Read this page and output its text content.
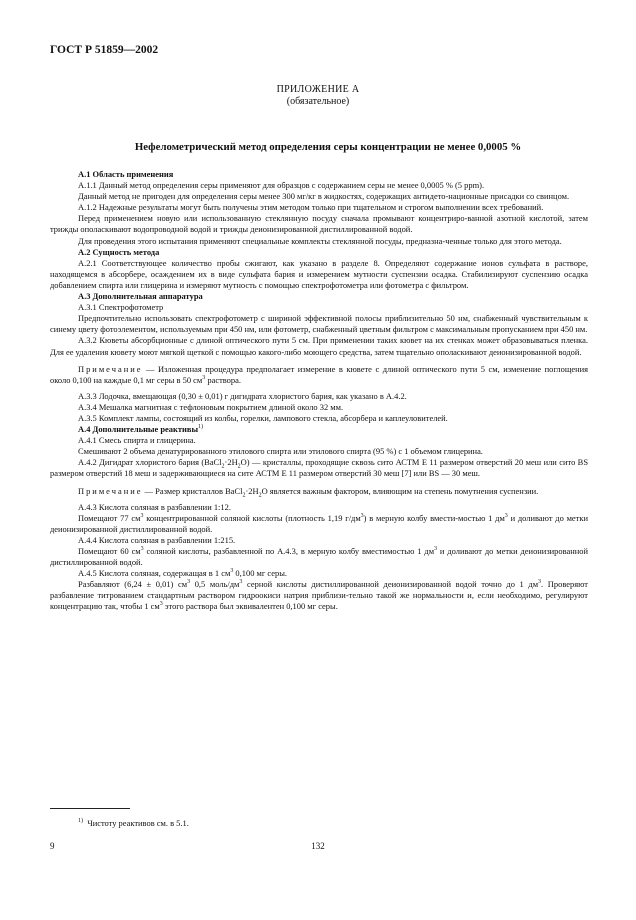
ГОСТ Р 51859—2002
ПРИЛОЖЕНИЕ А
(обязательное)
Нефелометрический метод определения серы концентрации не менее 0,0005 %

А.1 Область применения

А.1.1 Данный метод определения серы применяют для образцов с содержанием серы не менее 0,0005 % (5 ppm).

Данный метод не пригоден для определения серы менее 300 мг/кг в жидкостях, содержащих антидето-национные присадки со свинцом.

А.1.2 Надежные результаты могут быть получены этим методом только при тщательном и строгом выполнении всех требований.

Перед применением новую или использованную стеклянную посуду сначала промывают концентриро-ванной азотной кислотой, затем трижды ополаскивают водопроводной водой и трижды деионизированной дистиллированной водой.

Для проведения этого испытания применяют специальные комплекты стеклянной посуды, предназна-ченные только для этого метода.

А.2 Сущность метода

А.2.1 Соответствующее количество пробы сжигают, как указано в разделе 8. Определяют содержание ионов сульфата в растворе, находящемся в абсорбере, осаждением их в виде сульфата бария и измерением мутности суспензии осадка. Стабилизируют суспензию осадка добавлением спирта или глицерина и измеряют мутность с помощью спектрофотометра или фотометра с фильтром.

А.3 Дополнительная аппаратура

А.3.1 Спектрофотометр

Предпочтительно использовать спектрофотометр с шириной эффективной полосы приблизительно 50 нм, снабженный чувствительным к синему цвету фотоэлементом, используемым при 450 нм, или фотометр, снабженный цветным фильтром с максимальным пропусканием при 450 нм.

А.3.2 Кюветы абсорбционные с длиной оптического пути 5 см. При применении таких кювет на их стенках может образовываться пленка. Для ее удаления кювету моют мягкой щеткой с помощью какого-либо моющего средства, затем тщательно ополаскивают деионизированной водой.

Примечание — Изложенная процедура предполагает измерение в кювете с длиной оптического пути 5 см, изменение поглощения около 0,100 на каждые 0,1 мг серы в 50 $см^3$ раствора.

А.3.3 Лодочка, вмещающая (0,30 ± 0,01) г дигидрата хлористого бария, как указано в А.4.2.

А.3.4 Мешалка магнитная с тефлоновым покрытием длиной около 32 мм.

А.3.5 Комплект лампы, состоящий из колбы, горелки, лампового стекла, абсорбера и каплеуловителей.

А.4 Дополнительные реактивы$^{1)}$

А.4.1 Смесь спирта и глицерина.

Смешивают 2 объема денатурированного этилового спирта или этилового спирта (95 %) с 1 объемом глицерина.

А.4.2 Дигидрат хлористого бария $(BaCl_2\cdot 2H_2O)$ — кристаллы, проходящие сквозь сито АСТМ Е 11 размером отверстий 20 меш или сито BS размером отверстий 18 меш и задерживающиеся на сите АСТМ Е 11 размером отверстий 30 меш [7] или BS — 30 меш.

Примечание — Размер кристаллов $BaCl_2\cdot 2H_2O$ является важным фактором, влияющим на степень помутнения суспензии.

А.4.3 Кислота соляная в разбавлении 1:12.

Помещают 77 $см^3$ концентрированной соляной кислоты (плотность 1,19 $г/дм^3$) в мерную колбу вмести-мостью 1 $дм^3$ и доливают до метки деионизированной дистиллированной водой.

А.4.4 Кислота соляная в разбавлении 1:215.

Помещают 60 $см^3$ соляной кислоты, разбавленной по А.4.3, в мерную колбу вместимостью 1 $дм^3$ и доливают до метки деионизированной дистиллированной водой.

А.4.5 Кислота соляная, содержащая в 1 $см^3$ 0,100 мг серы.

Разбавляют (6,24 ± 0,01) $см^3$ 0,5 моль/$дм^3$ серной кислоты дистиллированной деионизированной водой точно до 1 $дм^3$. Проверяют разбавление титрованием стандартным раствором гидроокиси натрия приблизи-тельно такой же нормальности и, если необходимо, регулируют концентрацию так, чтобы 1 $см^3$ этого раствора был эквивалентен 0,100 мг серы.

$^{1)}$ Чистоту реактивов см. в 5.1.
9	132
